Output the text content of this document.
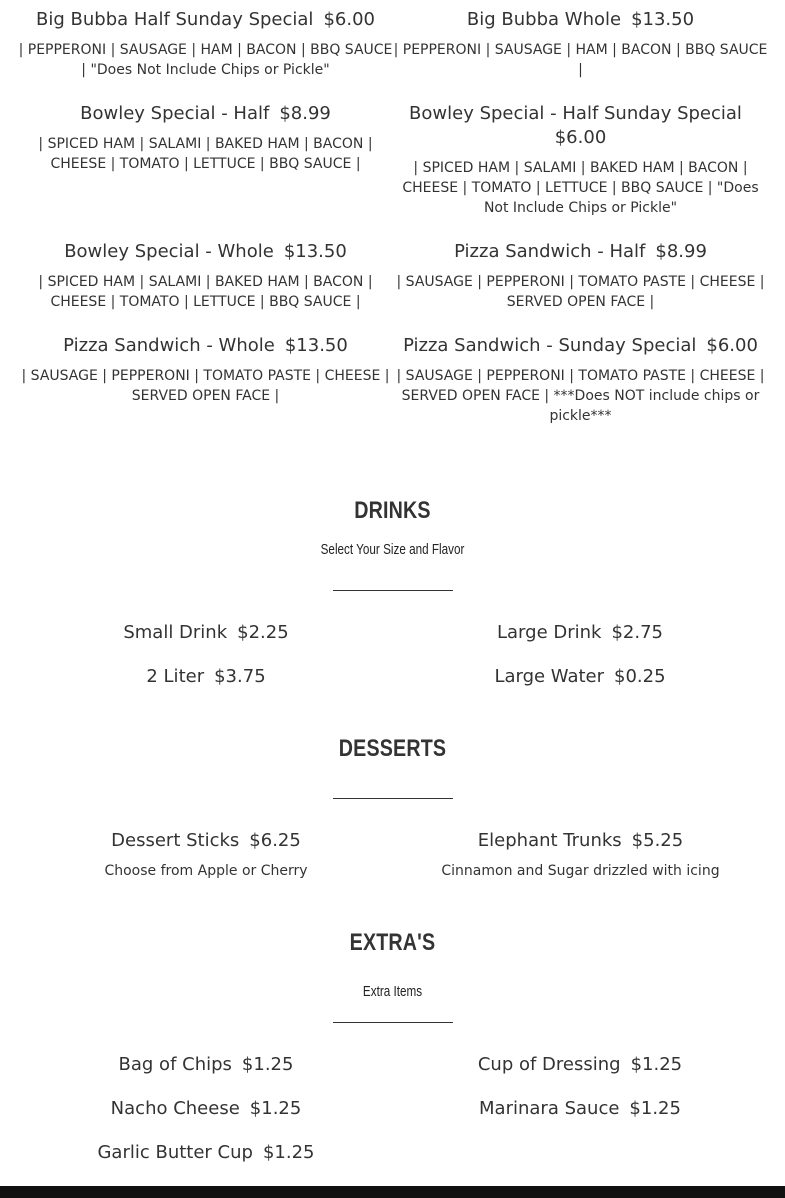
Big Bubba Half Sunday Special $6.00
| PEPPERONI | SAUSAGE | HAM | BACON | BBQ SAUCE | "Does Not Include Chips or Pickle"
Big Bubba Whole $13.50
| PEPPERONI | SAUSAGE | HAM | BACON | BBQ SAUCE |
Bowley Special - Half $8.99
| SPICED HAM | SALAMI | BAKED HAM | BACON | CHEESE | TOMATO | LETTUCE | BBQ SAUCE |
Bowley Special - Half Sunday Special$6.00
| SPICED HAM | SALAMI | BAKED HAM | BACON | CHEESE | TOMATO | LETTUCE | BBQ SAUCE | "Does Not Include Chips or Pickle"
Bowley Special - Whole $13.50
| SPICED HAM | SALAMI | BAKED HAM | BACON | CHEESE | TOMATO | LETTUCE | BBQ SAUCE |
Pizza Sandwich - Half $8.99
| SAUSAGE | PEPPERONI | TOMATO PASTE | CHEESE | SERVED OPEN FACE |
Pizza Sandwich - Whole $13.50
| SAUSAGE | PEPPERONI | TOMATO PASTE | CHEESE | SERVED OPEN FACE |
Pizza Sandwich - Sunday Special $6.00
| SAUSAGE | PEPPERONI | TOMATO PASTE | CHEESE | SERVED OPEN FACE | ***Does NOT include chips or pickle***
DRINKS
Select Your Size and Flavor
Small Drink $2.25	Large Drink $2.75
2 Liter $3.75	Large Water $0.25
DESSERTS
Dessert Sticks $6.25
Choose from Apple or Cherry
Elephant Trunks $5.25
Cinnamon and Sugar drizzled with icing
EXTRA'S
Extra Items
Bag of Chips $1.25	Cup of Dressing $1.25
Nacho Cheese $1.25	Marinara Sauce $1.25
Garlic Butter Cup $1.25
